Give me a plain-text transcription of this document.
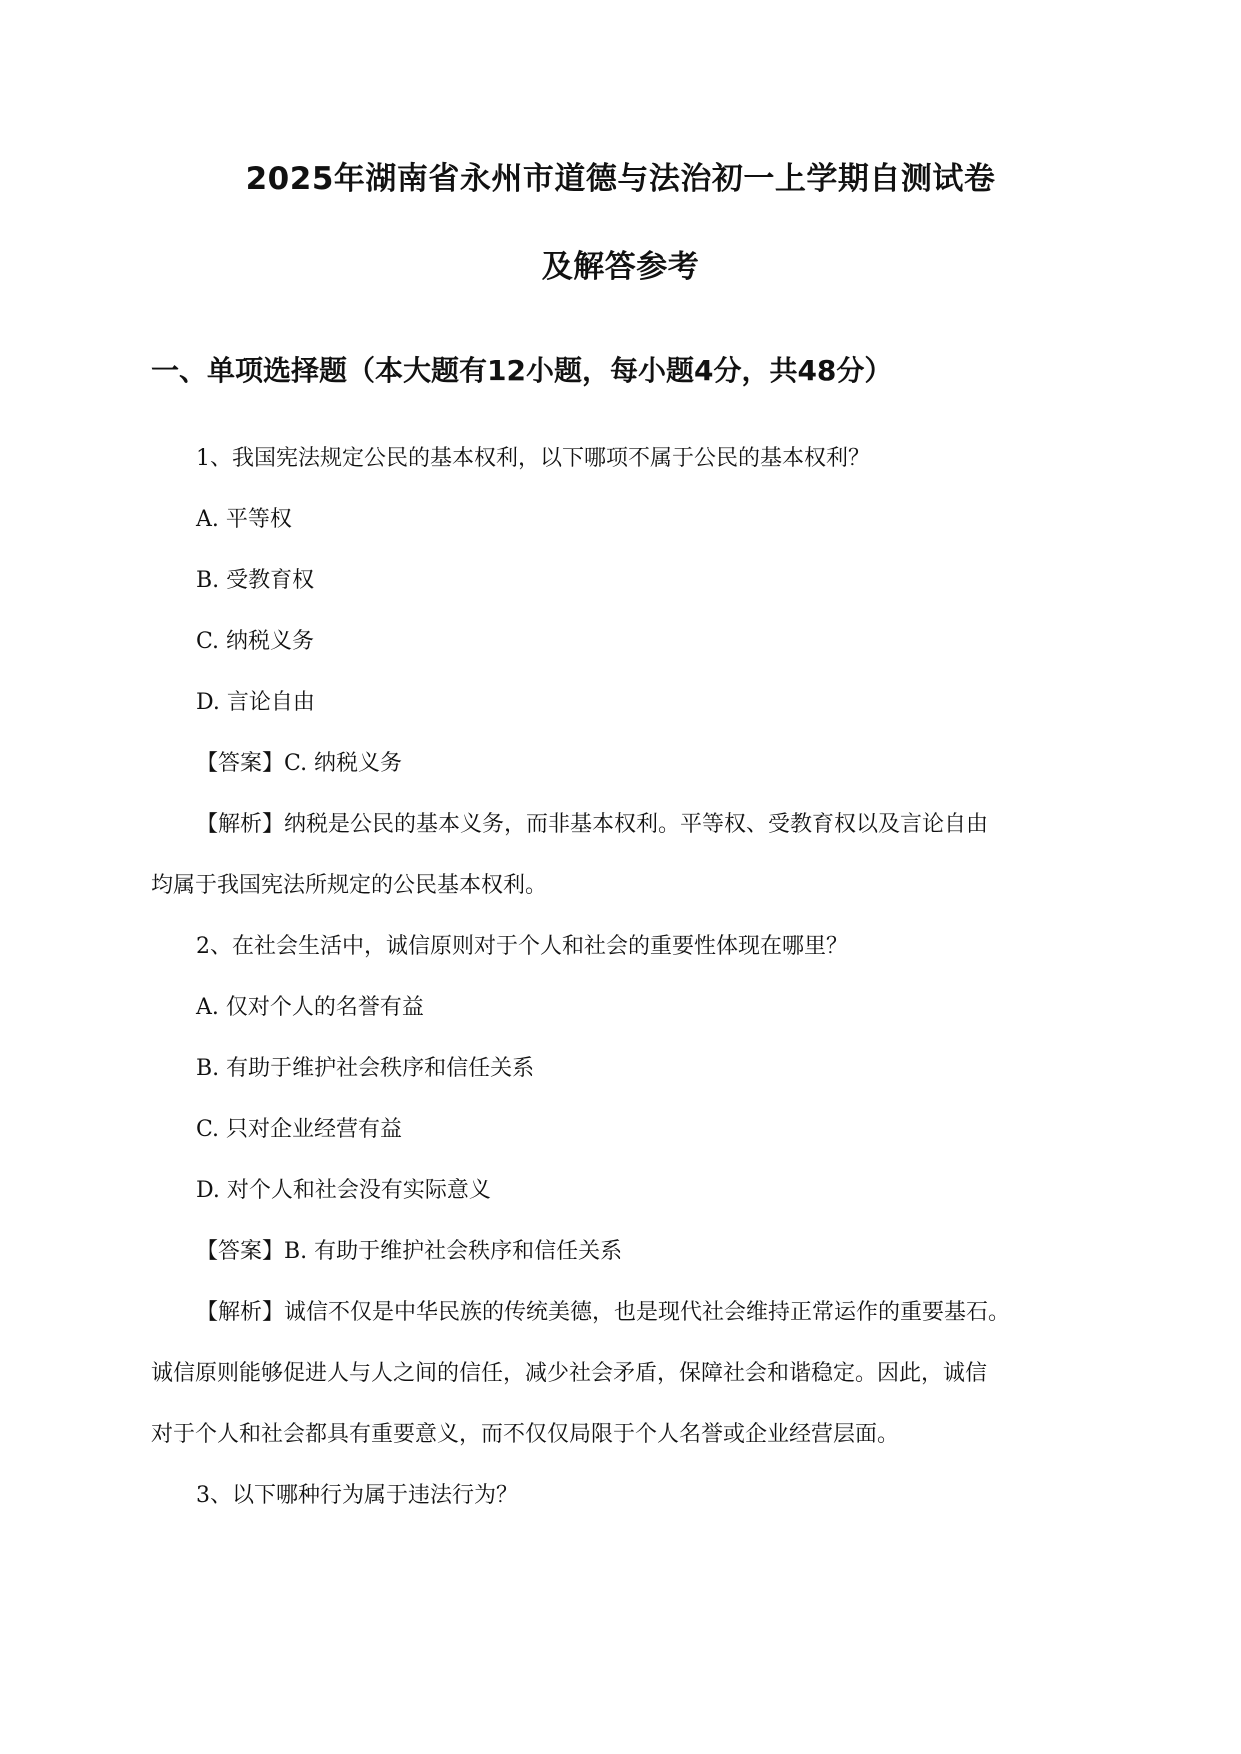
2025年湖南省永州市道德与法治初一上学期自测试卷
及解答参考
一、单项选择题（本大题有12小题，每小题4分，共48分）
1、我国宪法规定公民的基本权利，以下哪项不属于公民的基本权利？
A. 平等权
B. 受教育权
C. 纳税义务
D. 言论自由
【答案】C. 纳税义务
【解析】纳税是公民的基本义务，而非基本权利。平等权、受教育权以及言论自由
均属于我国宪法所规定的公民基本权利。
2、在社会生活中，诚信原则对于个人和社会的重要性体现在哪里？
A. 仅对个人的名誉有益
B. 有助于维护社会秩序和信任关系
C. 只对企业经营有益
D. 对个人和社会没有实际意义
【答案】B. 有助于维护社会秩序和信任关系
【解析】诚信不仅是中华民族的传统美德，也是现代社会维持正常运作的重要基石。
诚信原则能够促进人与人之间的信任，减少社会矛盾，保障社会和谐稳定。因此，诚信
对于个人和社会都具有重要意义，而不仅仅局限于个人名誉或企业经营层面。
3、以下哪种行为属于违法行为？
